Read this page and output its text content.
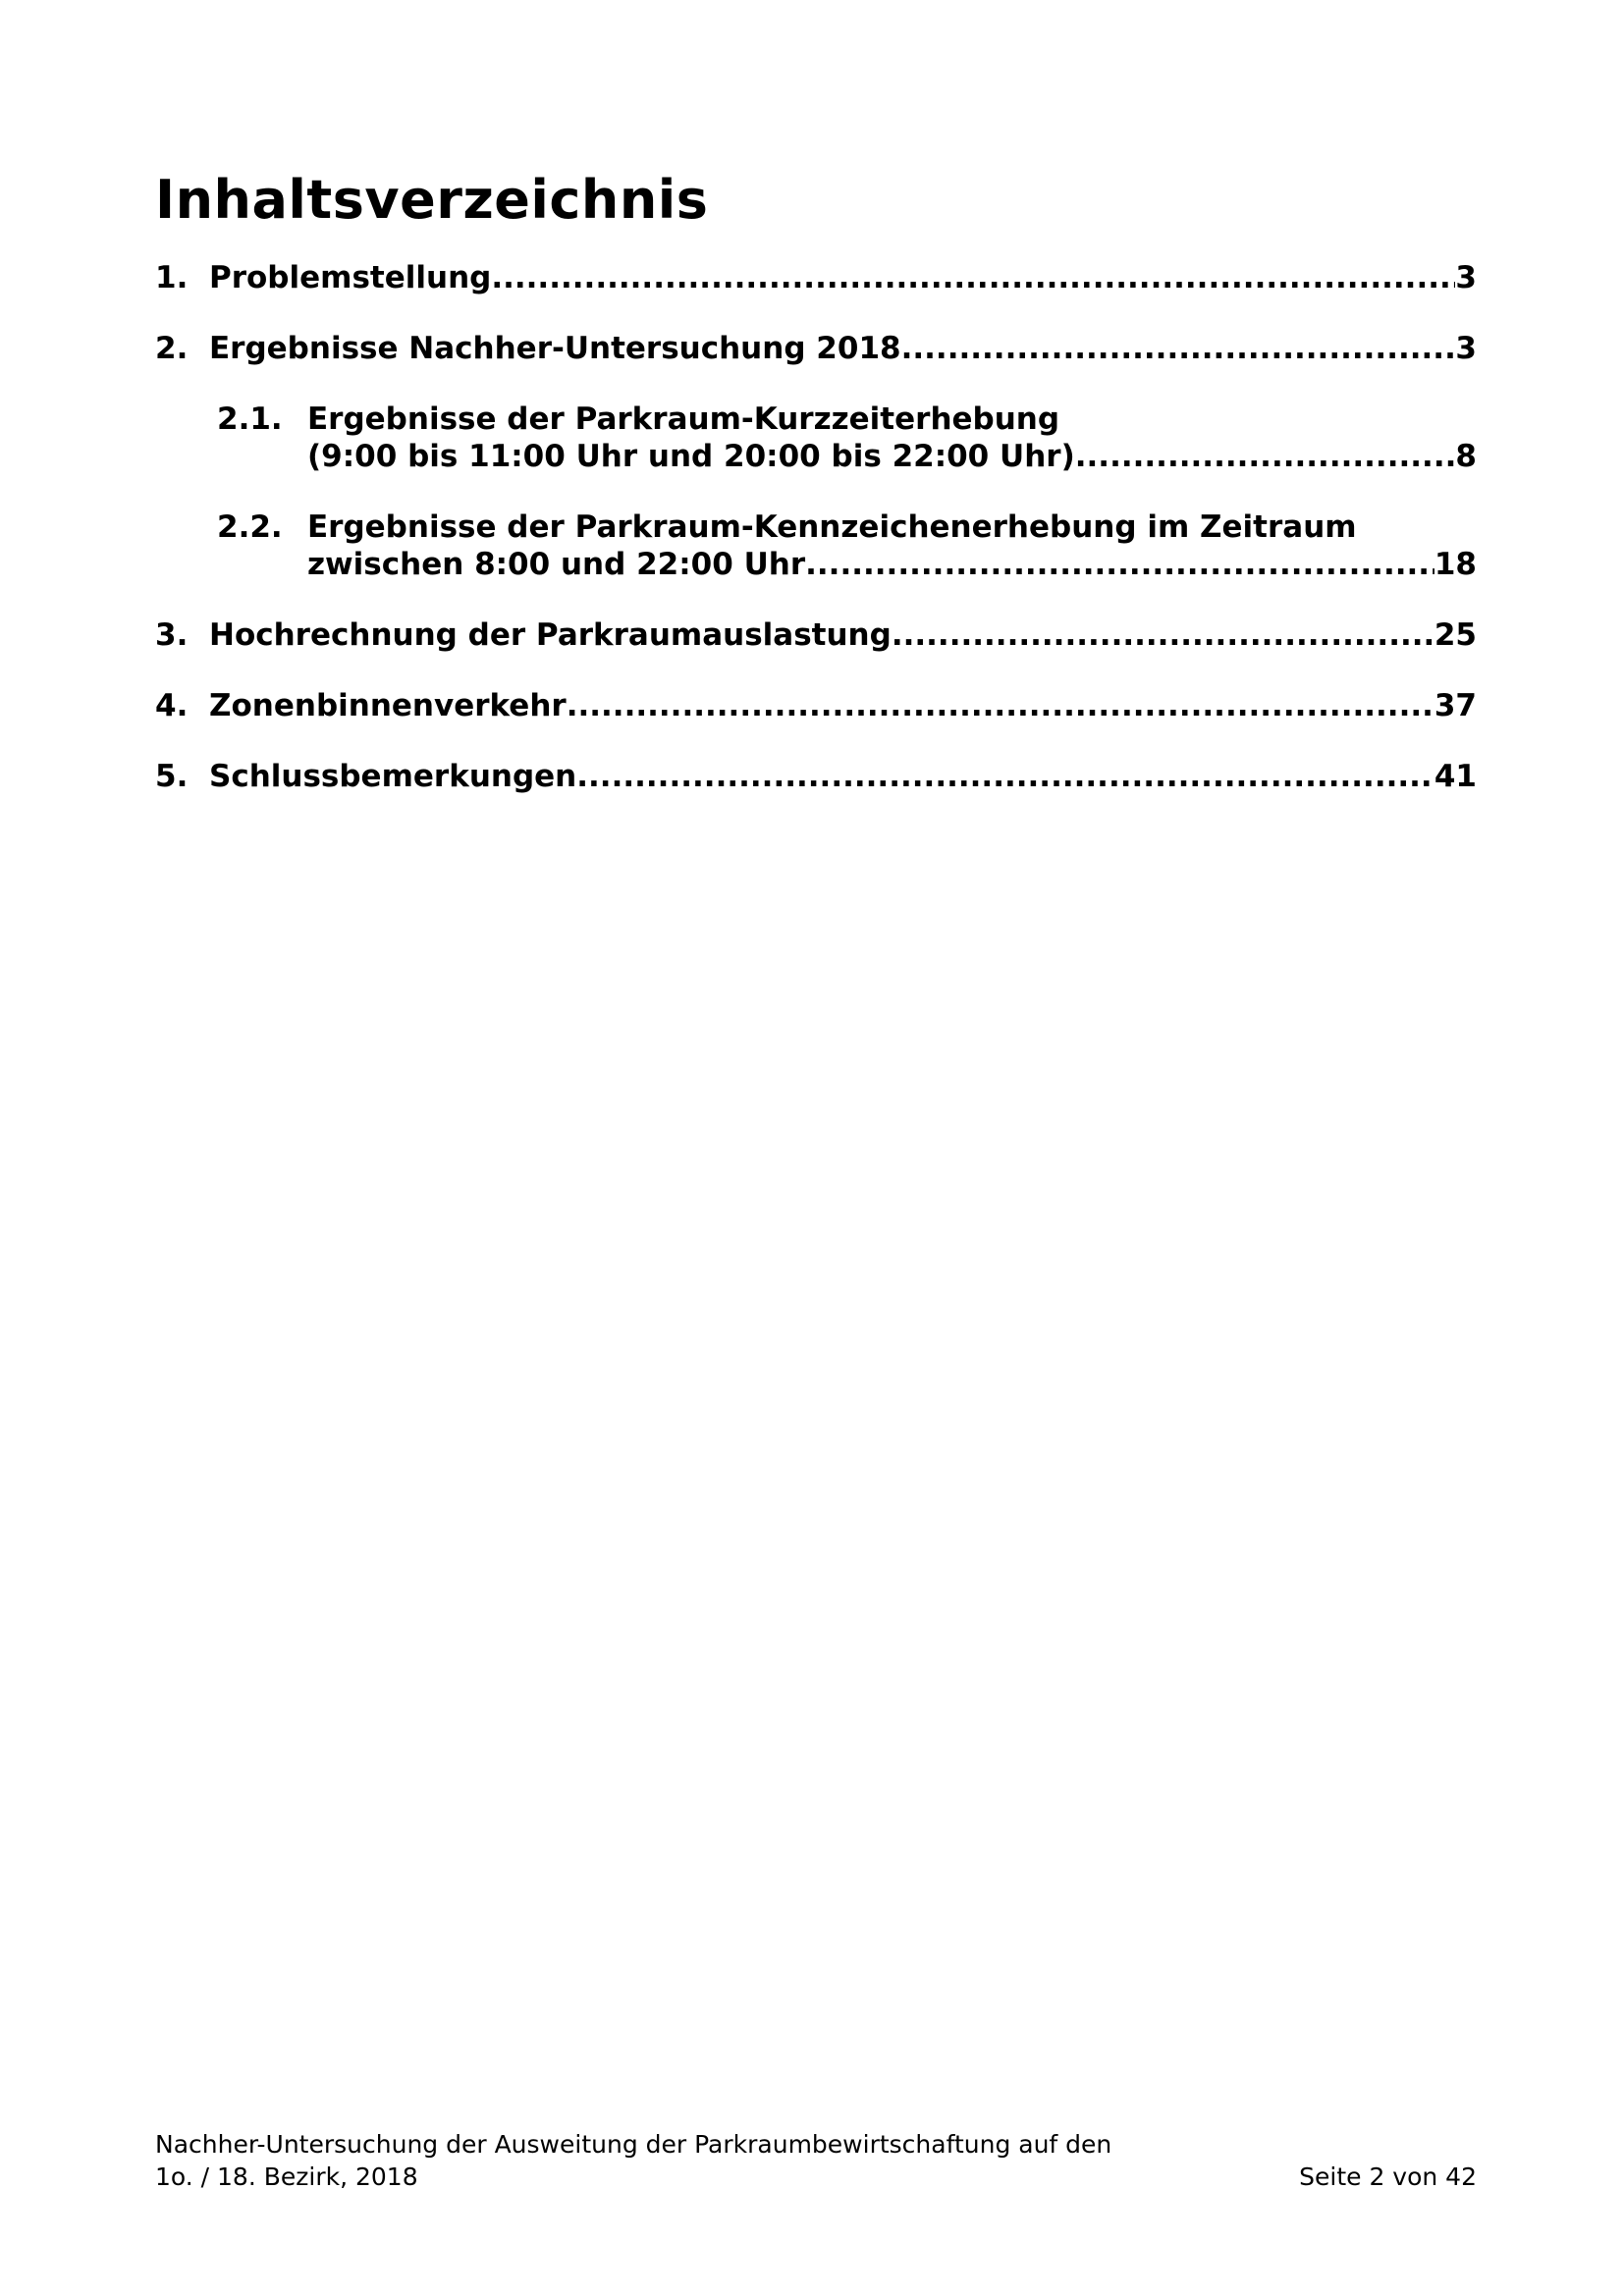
Inhaltsverzeichnis
1. Problemstellung .....	3
2. Ergebnisse Nachher-Untersuchung 2018 .....	3
2.1. Ergebnisse der Parkraum-Kurzzeiterhebung
(9:00 bis 11:00 Uhr und 20:00 bis 22:00 Uhr) .....	8
2.2. Ergebnisse der Parkraum-Kennzeichenerhebung im Zeitraum
zwischen 8:00 und 22:00 Uhr .....	18
3. Hochrechnung der Parkraumauslastung .....	25
4. Zonenbinnenverkehr .....	37
5. Schlussbemerkungen .....	41
Nachher-Untersuchung der Ausweitung der Parkraumbewirtschaftung auf den
1o. / 18. Bezirk, 2018	Seite 2 von 42
